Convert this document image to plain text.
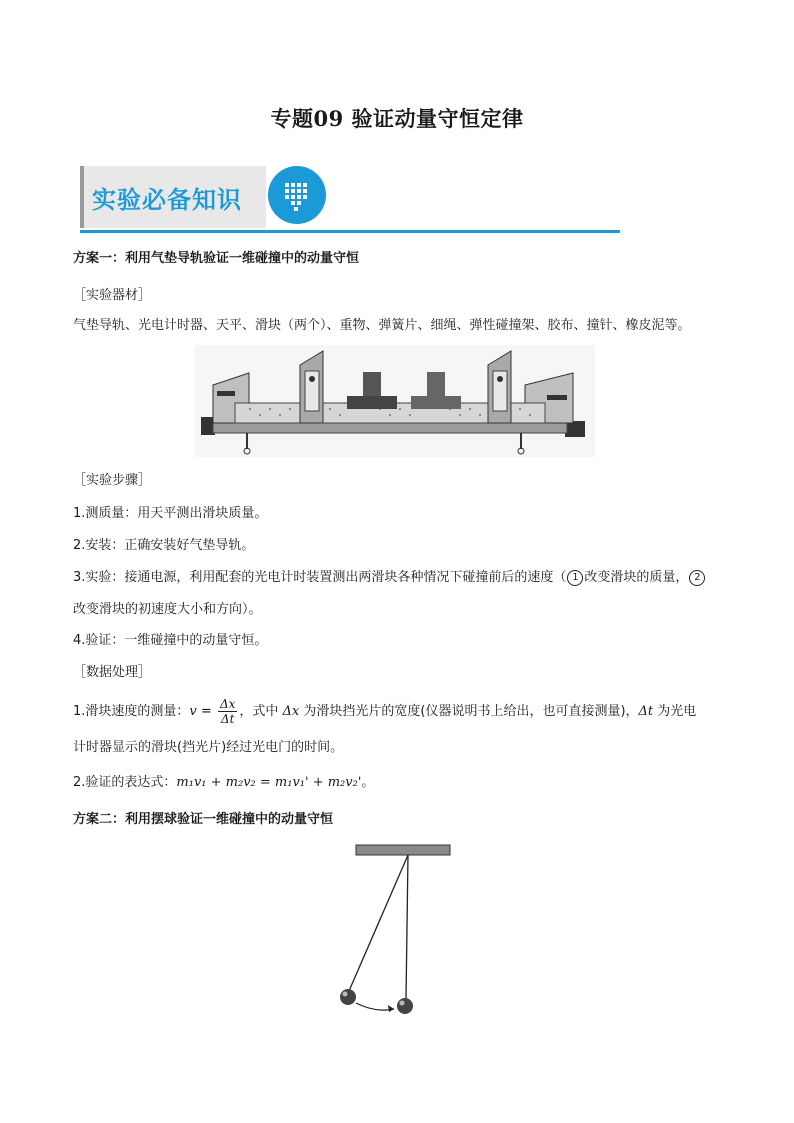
专题09 验证动量守恒定律
实验必备知识
方案一：利用气垫导轨验证一维碰撞中的动量守恒
［实验器材］
气垫导轨、光电计时器、天平、滑块（两个）、重物、弹簧片、细绳、弹性碰撞架、胶布、撞针、橡皮泥等。
［实验步骤］
1.测质量：用天平测出滑块质量。
2.安装：正确安装好气垫导轨。
3.实验：接通电源，利用配套的光电计时装置测出两滑块各种情况下碰撞前后的速度（ 1 改变滑块的质量， 2
改变滑块的初速度大小和方向）。
4.验证：一维碰撞中的动量守恒。
［数据处理］
1.滑块速度的测量：$v = \frac{\Delta x}{\Delta t}$ ，式中 Δx 为滑块挡光片的宽度(仪器说明书上给出，也可直接测量)，Δt 为光电
计时器显示的滑块(挡光片)经过光电门的时间。
2.验证的表达式：m₁v₁ + m₂v₂ = m₁v₁' + m₂v₂'。
方案二：利用摆球验证一维碰撞中的动量守恒
